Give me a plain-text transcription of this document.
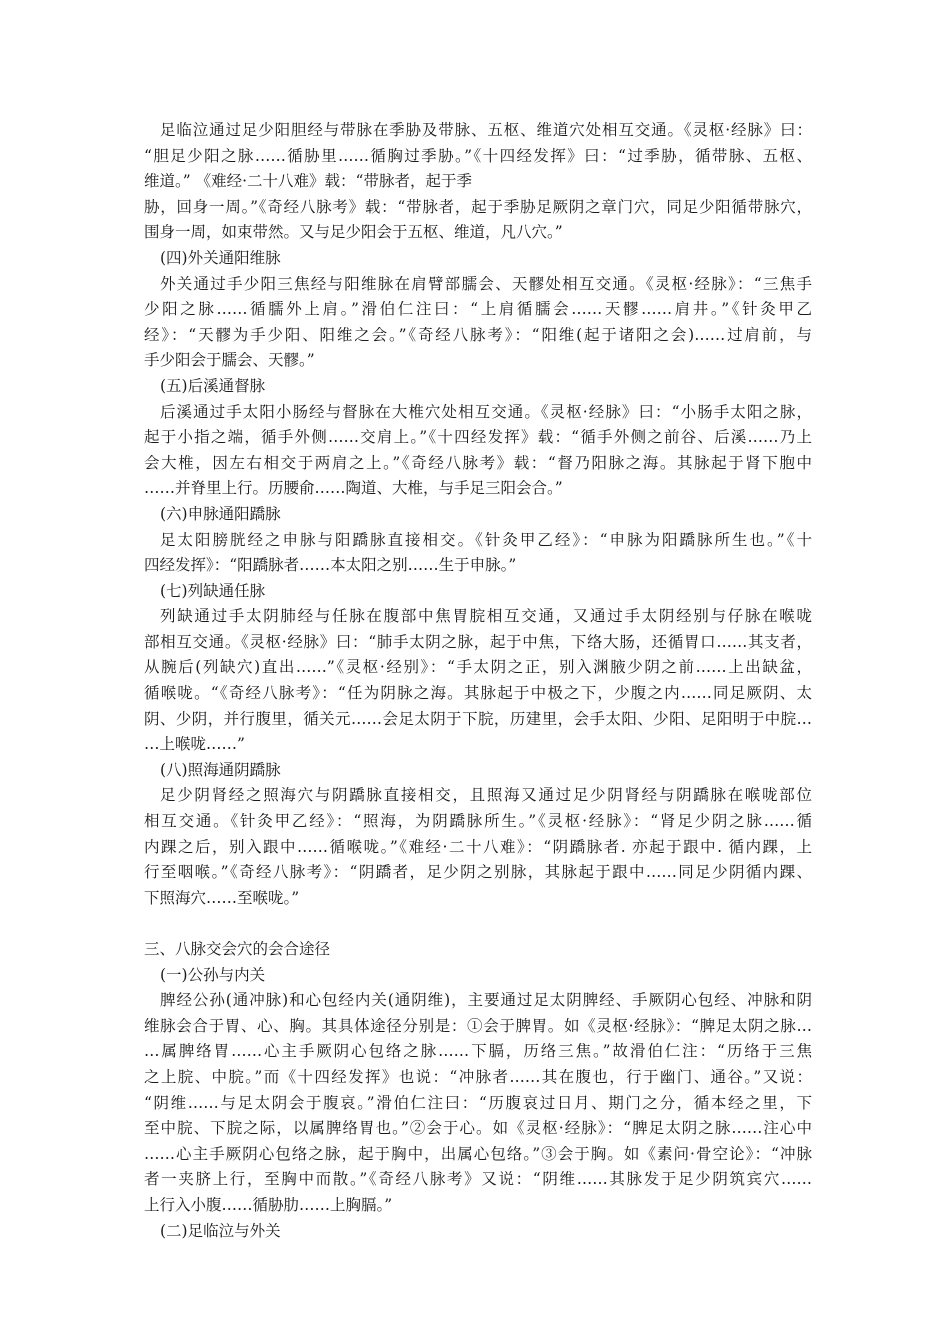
足临泣通过足少阳胆经与带脉在季胁及带脉、五枢、维道穴处相互交通。《灵枢·经脉》曰：
“胆足少阳之脉……循胁里……循胸过季胁。”《十四经发挥》曰：“过季胁，循带脉、五枢、
维道。” 《难经·二十八难》载：“带脉者，起于季
胁，回身一周。”《奇经八脉考》载：“带脉者，起于季胁足厥阴之章门穴，同足少阳循带脉穴，
围身一周，如束带然。又与足少阳会于五枢、维道，凡八穴。”
(四)外关通阳维脉
外关通过手少阳三焦经与阳维脉在肩臂部臑会、天髎处相互交通。《灵枢·经脉》：“三焦手
少阳之脉……循臑外上肩。”滑伯仁注曰：“上肩循臑会……天髎……肩井。”《针灸甲乙
经》：“天髎为手少阳、阳维之会。”《奇经八脉考》：“阳维(起于诸阳之会)……过肩前，与
手少阳会于臑会、天髎。”
(五)后溪通督脉
后溪通过手太阳小肠经与督脉在大椎穴处相互交通。《灵枢·经脉》曰：“小肠手太阳之脉，
起于小指之端，循手外侧……交肩上。”《十四经发挥》载：“循手外侧之前谷、后溪……乃上
会大椎，因左右相交于两肩之上。”《奇经八脉考》载：“督乃阳脉之海。其脉起于肾下胞中
……并脊里上行。历腰俞……陶道、大椎，与手足三阳会合。”
(六)申脉通阳蹻脉
足太阳膀胱经之申脉与阳蹻脉直接相交。《针灸甲乙经》：“申脉为阳蹻脉所生也。”《十
四经发挥》：“阳蹻脉者……本太阳之别……生于申脉。”
(七)列缺通任脉
列缺通过手太阴肺经与任脉在腹部中焦胃脘相互交通，又通过手太阴经别与仔脉在喉咙
部相互交通。《灵枢·经脉》曰：“肺手太阴之脉，起于中焦，下络大肠，还循胃口……其支者，
从腕后(列缺穴)直出……”《灵枢·经别》：“手太阴之正，别入渊腋少阴之前……上出缺盆，
循喉咙。“《奇经八脉考》：“任为阴脉之海。其脉起于中极之下，少腹之内……同足厥阴、太
阴、少阴，并行腹里，循关元……会足太阴于下脘，历建里，会手太阳、少阳、足阳明于中脘…
…上喉咙……”
(八)照海通阴蹻脉
足少阴肾经之照海穴与阴蹻脉直接相交，且照海又通过足少阴肾经与阴蹻脉在喉咙部位
相互交通。《针灸甲乙经》：“照海，为阴蹻脉所生。”《灵枢·经脉》：“肾足少阴之脉……循
内踝之后，别入跟中……循喉咙。”《难经·二十八难》：“阴蹻脉者. 亦起于跟中. 循内踝，上
行至咽喉。”《奇经八脉考》：“阴蹻者，足少阴之别脉，其脉起于跟中……同足少阴循内踝、
下照海穴……至喉咙。”
三、八脉交会穴的会合途径
(一)公孙与内关
脾经公孙(通冲脉)和心包经内关(通阴维)，主要通过足太阴脾经、手厥阴心包经、冲脉和阴
维脉会合于胃、心、胸。其具体途径分别是：①会于脾胃。如《灵枢·经脉》：“脾足太阴之脉…
…属脾络胃……心主手厥阴心包络之脉……下膈，历络三焦。”故滑伯仁注：“历络于三焦
之上脘、中脘。”而《十四经发挥》也说：“冲脉者……其在腹也，行于幽门、通谷。”又说：
“阴维……与足太阴会于腹哀。”滑伯仁注曰：“历腹哀过日月、期门之分，循本经之里，下
至中脘、下脘之际，以属脾络胃也。”②会于心。如《灵枢·经脉》：“脾足太阴之脉……注心中
……心主手厥阴心包络之脉，起于胸中，出属心包络。”③会于胸。如《素问·骨空论》：“冲脉
者一夹脐上行，至胸中而散。”《奇经八脉考》又说：“阴维……其脉发于足少阴筑宾穴……
上行入小腹……循胁肋……上胸膈。”
(二)足临泣与外关
